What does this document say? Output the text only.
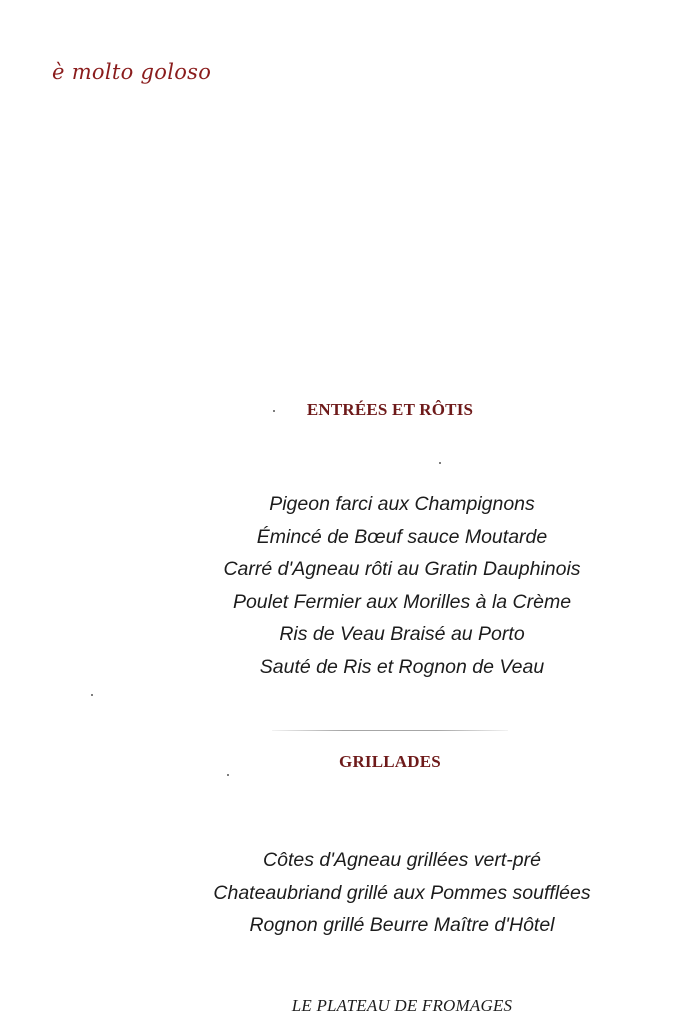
è molto goloso
ENTRÉES ET RÔTIS
Pigeon farci aux Champignons
Émincé de Bœuf sauce Moutarde
Carré d'Agneau rôti au Gratin Dauphinois
Poulet Fermier aux Morilles à la Crème
Ris de Veau Braisé au Porto
Sauté de Ris et Rognon de Veau
GRILLADES
Côtes d'Agneau grillées vert-pré
Chateaubriand grillé aux Pommes soufflées
Rognon grillé Beurre Maître d'Hôtel
LE PLATEAU DE FROMAGES
